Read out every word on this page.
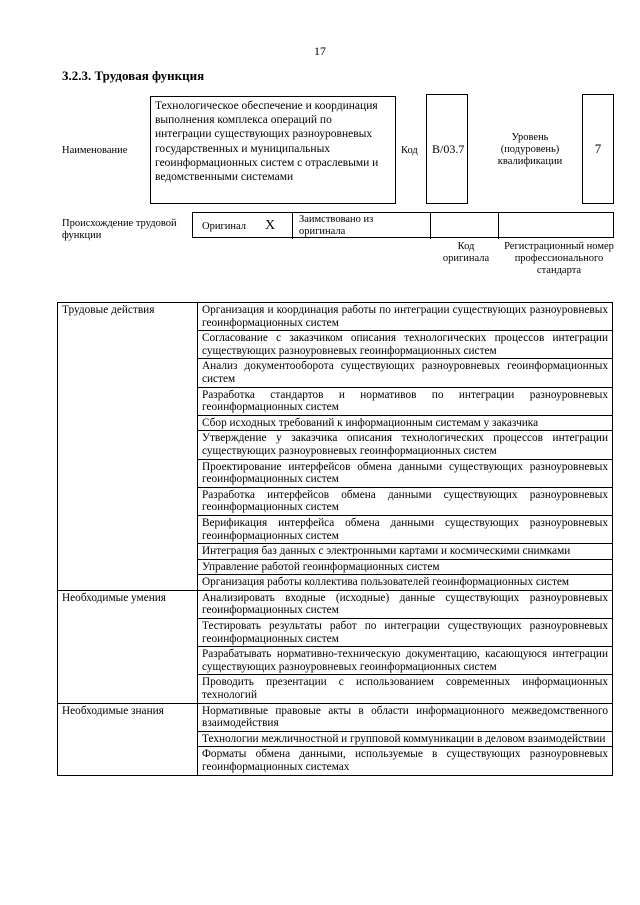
17
3.2.3. Трудовая функция
Наименование
Технологическое обеспечение и координация выполнения комплекса операций по интеграции существующих разноуровневых государственных и муниципальных геоинформационных систем с отраслевыми и ведомственными системами
Код B/03.7
Уровень (подуровень) квалификации
7
Происхождение трудовой функции
Оригинал X Заимствовано из оригинала
Код оригинала
Регистрационный номер профессионального стандарта
Трудовые действия	Организация и координация работы по интеграции существующих разноуровневых геоинформационных систем
	Согласование с заказчиком описания технологических процессов интеграции существующих разноуровневых геоинформационных систем
	Анализ документооборота существующих разноуровневых геоинформационных систем
	Разработка стандартов и нормативов по интеграции разноуровневых геоинформационных систем
	Сбор исходных требований к информационным системам у заказчика
	Утверждение у заказчика описания технологических процессов интеграции существующих разноуровневых геоинформационных систем
	Проектирование интерфейсов обмена данными существующих разноуровневых геоинформационных систем
	Разработка интерфейсов обмена данными существующих разноуровневых геоинформационных систем
	Верификация интерфейса обмена данными существующих разноуровневых геоинформационных систем
	Интеграция баз данных с электронными картами и космическими снимками
	Управление работой геоинформационных систем
	Организация работы коллектива пользователей геоинформационных систем
Необходимые умения	Анализировать входные (исходные) данные существующих разноуровневых геоинформационных систем
	Тестировать результаты работ по интеграции существующих разноуровневых геоинформационных систем
	Разрабатывать нормативно-техническую документацию, касающуюся интеграции существующих разноуровневых геоинформационных систем
	Проводить презентации с использованием современных информационных технологий
Необходимые знания	Нормативные правовые акты в области информационного межведомственного взаимодействия
	Технологии межличностной и групповой коммуникации в деловом взаимодействии
	Форматы обмена данными, используемые в существующих разноуровневых геоинформационных системах
